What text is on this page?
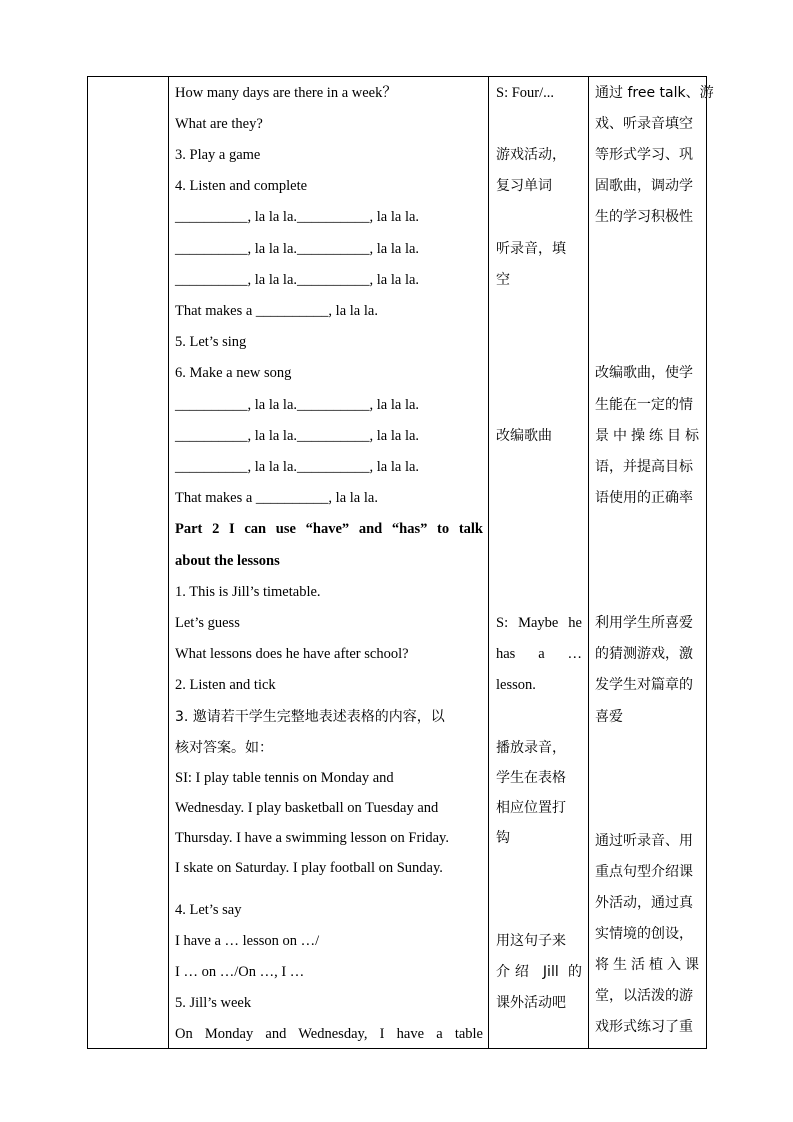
How many days are there in a week？
What are they?
3. Play a game
4. Listen and complete
__________, la la la.__________, la la la.
__________, la la la.__________, la la la.
__________, la la la.__________, la la la.
That makes a __________, la la la.
5. Let’s sing
6. Make a new song
__________, la la la.__________, la la la.
__________, la la la.__________, la la la.
__________, la la la.__________, la la la.
That makes a __________, la la la.
Part 2 I can use “have” and “has” to talk
about the lessons
1. This is Jill’s timetable.
Let’s guess
What lessons does he have after school?
2. Listen and tick
3. 邀请若干学生完整地表述表格的内容，以
核对答案。如：
SI: I play table tennis on Monday and
Wednesday. I play basketball on Tuesday and
Thursday. I have a swimming lesson on Friday.
I skate on Saturday. I play football on Sunday.
4. Let’s say
I have a … lesson on …/
I … on …/On …, I …
5. Jill’s week
On Monday and Wednesday, I have a table
S: Four/...
游戏活动，
复习单词
听录音，填
空
改编歌曲
S: Maybe he
has a …
lesson.
播放录音，
学生在表格
相应位置打
钩
用这句子来
介绍 Jill 的
课外活动吧
通过 free talk、游
戏、听录音填空
等形式学习、巩
固歌曲，调动学
生的学习积极性
改编歌曲，使学
生能在一定的情
景中操练目标
语，并提高目标
语使用的正确率
利用学生所喜爱
的猜测游戏，激
发学生对篇章的
喜爱
通过听录音、用
重点句型介绍课
外活动，通过真
实情境的创设，
将生活植入课
堂，以活泼的游
戏形式练习了重
